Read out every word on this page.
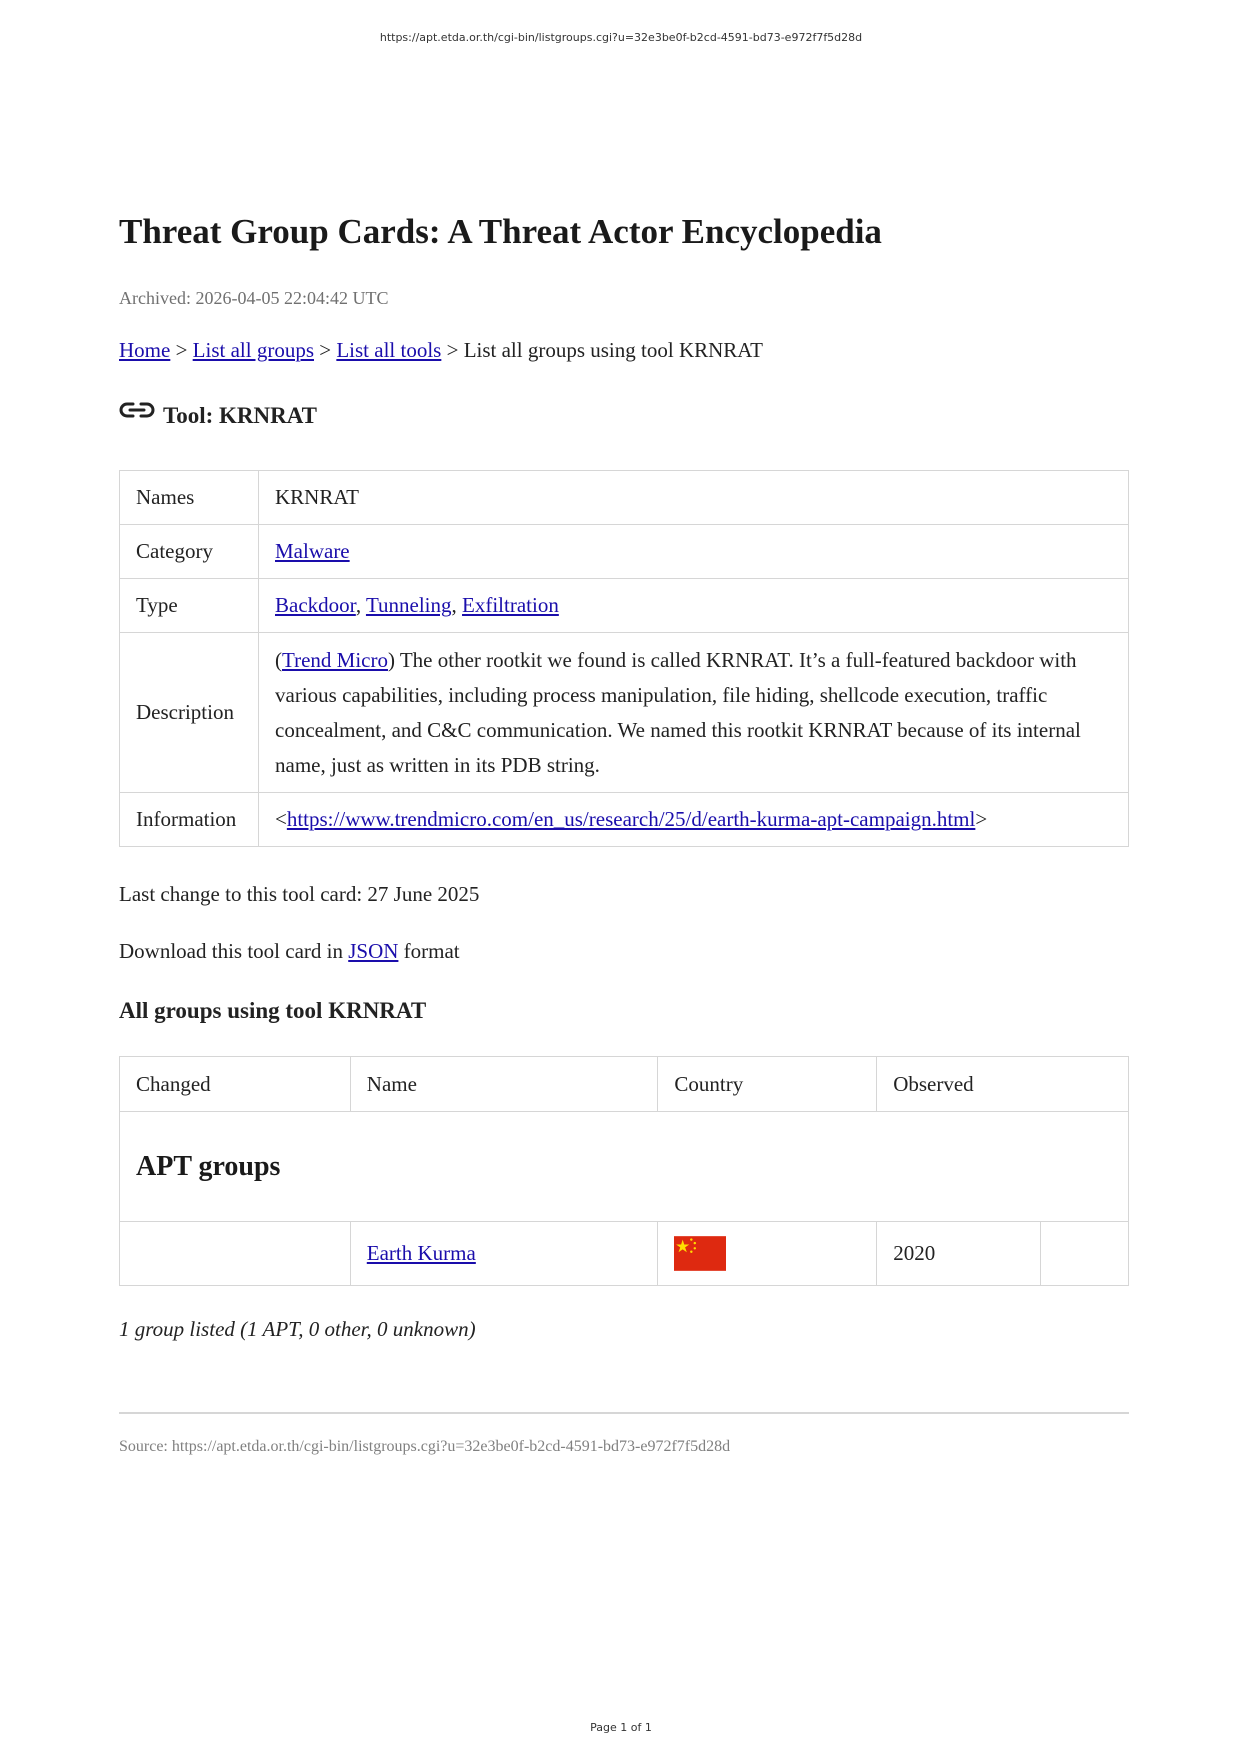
https://apt.etda.or.th/cgi-bin/listgroups.cgi?u=32e3be0f-b2cd-4591-bd73-e972f7f5d28d
Threat Group Cards: A Threat Actor Encyclopedia
Archived: 2026-04-05 22:04:42 UTC
Home > List all groups > List all tools > List all groups using tool KRNRAT
Tool: KRNRAT
Names	KRNRAT
Category	Malware
Type	Backdoor, Tunneling, Exfiltration
Description	(Trend Micro) The other rootkit we found is called KRNRAT. It’s a full-featured backdoor with various capabilities, including process manipulation, file hiding, shellcode execution, traffic concealment, and C&C communication. We named this rootkit KRNRAT because of its internal name, just as written in its PDB string.

Information	<https://www.trendmicro.com/en_us/research/25/d/earth-kurma-apt-campaign.html>
Last change to this tool card: 27 June 2025
Download this tool card in JSON format
All groups using tool KRNRAT
Changed	Name	Country	Observed	
APT groups				
	Earth Kurma		2020	
1 group listed (1 APT, 0 other, 0 unknown)
Source: https://apt.etda.or.th/cgi-bin/listgroups.cgi?u=32e3be0f-b2cd-4591-bd73-e972f7f5d28d
Page 1 of 1
